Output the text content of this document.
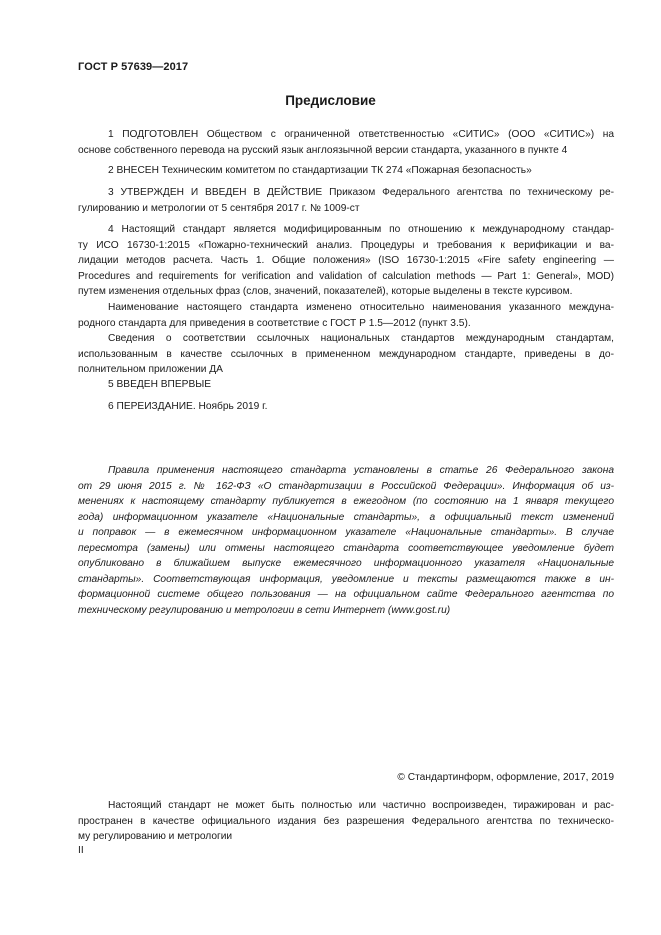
ГОСТ Р 57639—2017
Предисловие
1 ПОДГОТОВЛЕН Обществом с ограниченной ответственностью «СИТИС» (ООО «СИТИС») на
основе собственного перевода на русский язык англоязычной версии стандарта, указанного в пункте 4
2 ВНЕСЕН Техническим комитетом по стандартизации ТК 274 «Пожарная безопасность»
3 УТВЕРЖДЕН И ВВЕДЕН В ДЕЙСТВИЕ Приказом Федерального агентства по техническому ре-
гулированию и метрологии от 5 сентября 2017 г. № 1009-ст
4 Настоящий стандарт является модифицированным по отношению к международному стандар-
ту ИСО 16730-1:2015 «Пожарно-технический анализ. Процедуры и требования к верификации и ва-
лидации методов расчета. Часть 1. Общие положения» (ISO 16730-1:2015 «Fire safety engineering —
Procedures and requirements for verification and validation of calculation methods — Part 1: General», MOD)
путем изменения отдельных фраз (слов, значений, показателей), которые выделены в тексте курсивом.
Наименование настоящего стандарта изменено относительно наименования указанного междуна-
родного стандарта для приведения в соответствие с ГОСТ Р 1.5—2012 (пункт 3.5).
Сведения о соответствии ссылочных национальных стандартов международным стандартам,
использованным в качестве ссылочных в примененном международном стандарте, приведены в до-
полнительном приложении ДА
5 ВВЕДЕН ВПЕРВЫЕ
6 ПЕРЕИЗДАНИЕ. Ноябрь 2019 г.
Правила применения настоящего стандарта установлены в статье 26 Федерального закона
от 29 июня 2015 г. № 162-ФЗ «О стандартизации в Российской Федерации». Информация об из-
менениях к настоящему стандарту публикуется в ежегодном (по состоянию на 1 января текущего
года) информационном указателе «Национальные стандарты», а официальный текст изменений
и поправок — в ежемесячном информационном указателе «Национальные стандарты». В случае
пересмотра (замены) или отмены настоящего стандарта соответствующее уведомление будет
опубликовано в ближайшем выпуске ежемесячного информационного указателя «Национальные
стандарты». Соответствующая информация, уведомление и тексты размещаются также в ин-
формационной системе общего пользования — на официальном сайте Федерального агентства по
техническому регулированию и метрологии в сети Интернет (www.gost.ru)
© Стандартинформ, оформление, 2017, 2019
Настоящий стандарт не может быть полностью или частично воспроизведен, тиражирован и рас-
пространен в качестве официального издания без разрешения Федерального агентства по техническо-
му регулированию и метрологии
II
